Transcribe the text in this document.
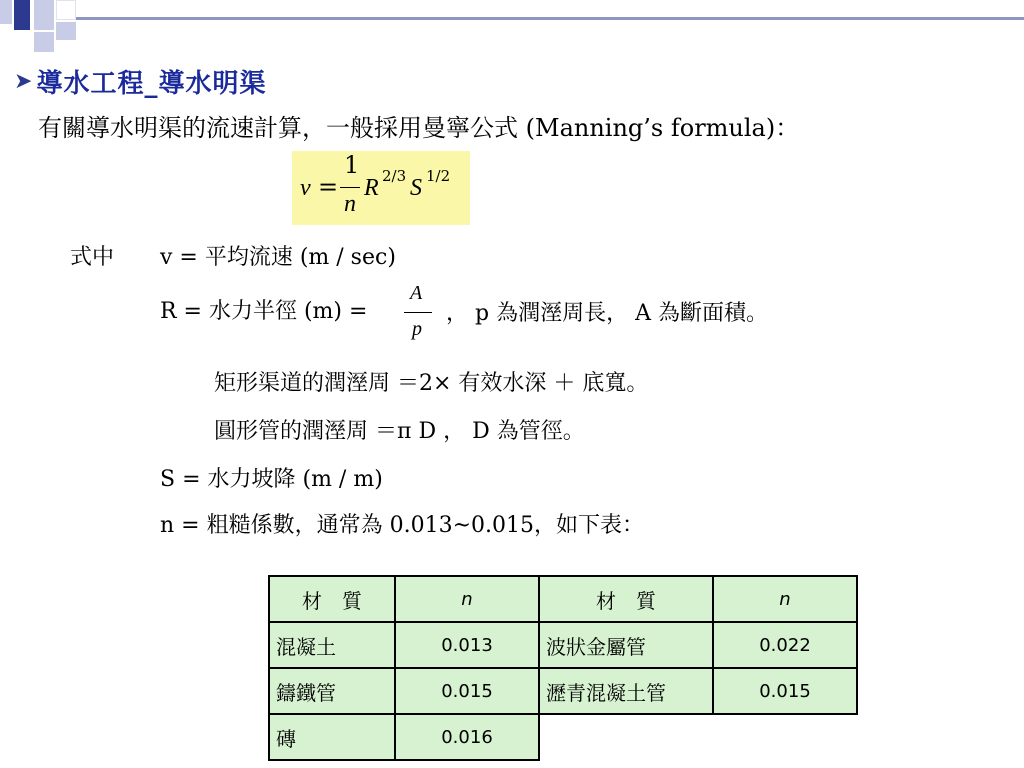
➤ 導水工程_導水明渠
有關導水明渠的流速計算，一般採用曼寧公式 (Manning’s formula)：
v =
1
n
R 2/3 S 1/2
式中 v = 平均流速 (m / sec)
R = 水力半徑 (m) =
A
p
， p 為潤溼周長， A 為斷面積。
矩形渠道的潤溼周 ＝2× 有效水深 ＋ 底寬。
圓形管的潤溼周 ＝π D ， D 為管徑。
S = 水力坡降 (m / m)
n = 粗糙係數，通常為 0.013~0.015，如下表：
材　質	n	材　質	n
混凝土	0.013	波狀金屬管	0.022
鑄鐵管	0.015	瀝青混凝土管	0.015
磚	0.016		
